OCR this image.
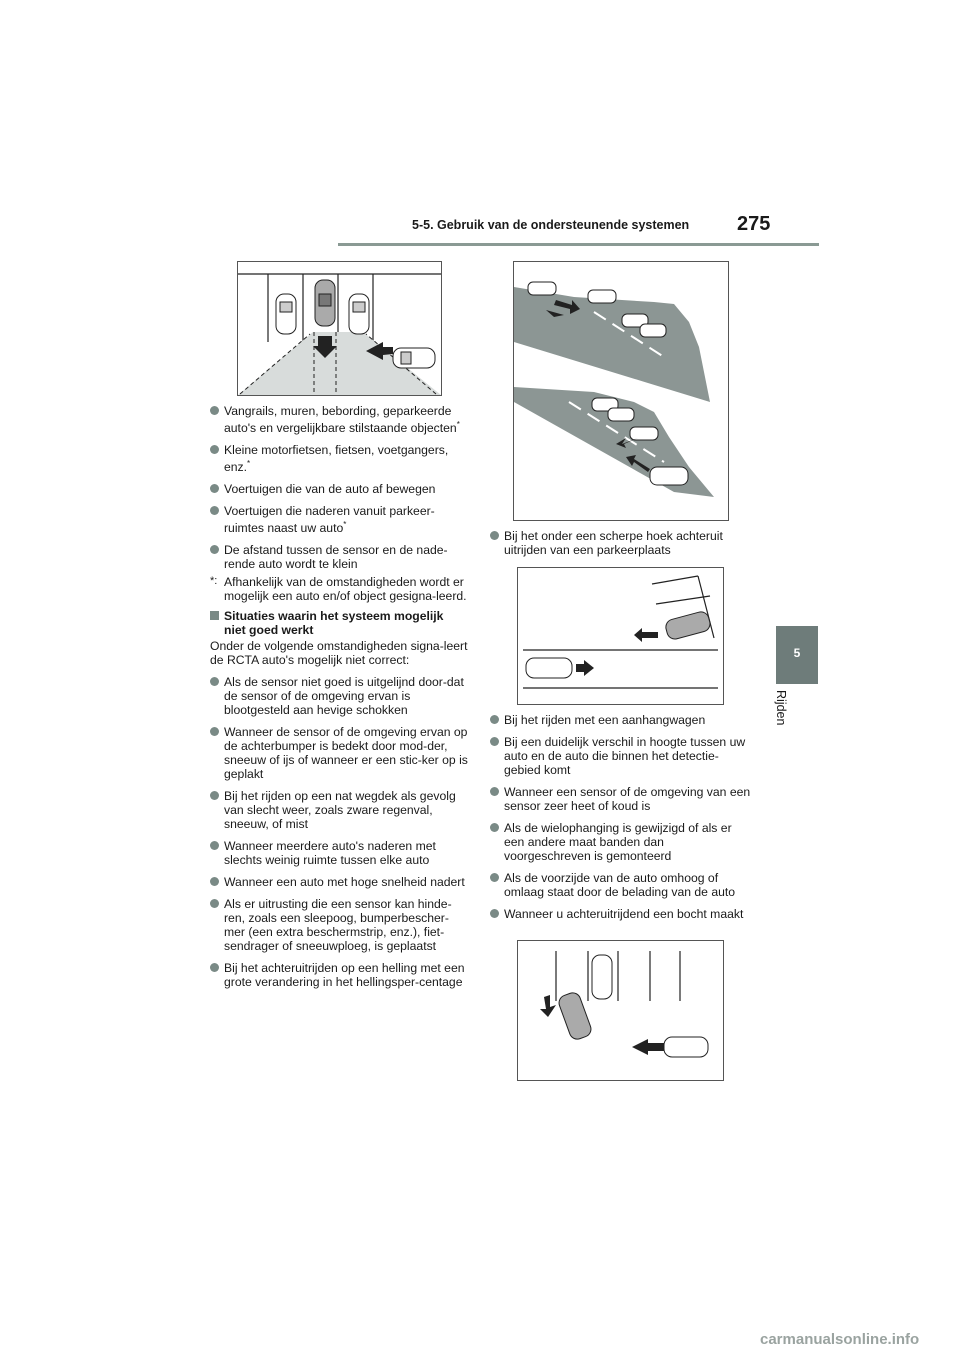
5-5. Gebruik van de ondersteunende systemen 275
5
Rijden
Vangrails, muren, bebording, geparkeerde auto's en vergelijkbare stilstaande objecten*
Kleine motorfietsen, fietsen, voetgangers, enz.*
Voertuigen die van de auto af bewegen
Voertuigen die naderen vanuit parkeer-ruimtes naast uw auto*
De afstand tussen de sensor en de nade-rende auto wordt te klein
*: Afhankelijk van de omstandigheden wordt er mogelijk een auto en/of object gesigna-leerd.
Situaties waarin het systeem mogelijk niet goed werkt
Onder de volgende omstandigheden signa-leert de RCTA auto's mogelijk niet correct:
Als de sensor niet goed is uitgelijnd door-dat de sensor of de omgeving ervan is blootgesteld aan hevige schokken
Wanneer de sensor of de omgeving ervan op de achterbumper is bedekt door mod-der, sneeuw of ijs of wanneer er een stic-ker op is geplakt
Bij het rijden op een nat wegdek als gevolg van slecht weer, zoals zware regenval, sneeuw, of mist
Wanneer meerdere auto's naderen met slechts weinig ruimte tussen elke auto
Wanneer een auto met hoge snelheid nadert
Als er uitrusting die een sensor kan hinde-ren, zoals een sleepoog, bumperbescher-mer (een extra beschermstrip, enz.), fiet-sendrager of sneeuwploeg, is geplaatst
Bij het achteruitrijden op een helling met een grote verandering in het hellingsper-centage
Bij het onder een scherpe hoek achteruit uitrijden van een parkeerplaats
Bij het rijden met een aanhangwagen
Bij een duidelijk verschil in hoogte tussen uw auto en de auto die binnen het detectie-gebied komt
Wanneer een sensor of de omgeving van een sensor zeer heet of koud is
Als de wielophanging is gewijzigd of als er een andere maat banden dan voorgeschreven is gemonteerd
Als de voorzijde van de auto omhoog of omlaag staat door de belading van de auto
Wanneer u achteruitrijdend een bocht maakt
carmanualsonline.info
